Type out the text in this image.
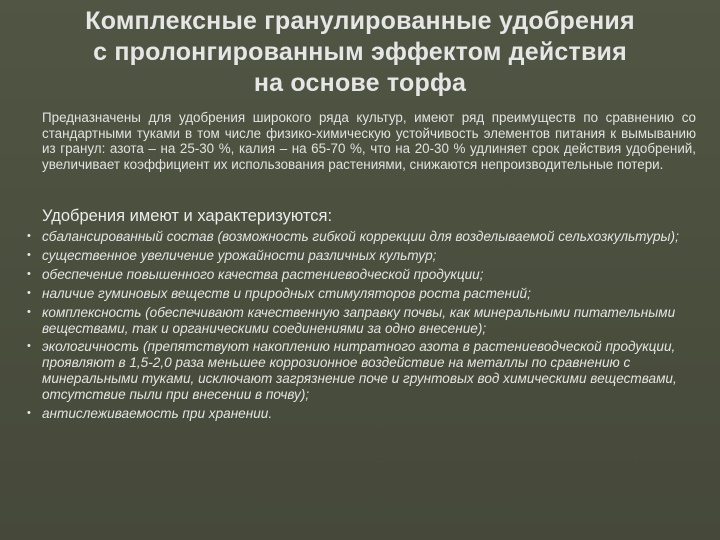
Комплексные гранулированные удобрения
с пролонгированным эффектом действия
на основе торфа
Предназначены для удобрения широкого ряда культур, имеют ряд преимуществ по сравнению со стандартными туками в том числе физико-химическую устойчивость элементов питания к вымыванию из гранул: азота – на 25-30 %, калия – на 65-70 %, что на 20-30 % удлиняет срок действия удобрений, увеличивает коэффициент их использования растениями, снижаются непроизводительные потери.
Удобрения имеют и характеризуются:
• сбалансированный состав (возможность гибкой коррекции для возделываемой сельхозкультуры);
• существенное увеличение урожайности различных культур;
• обеспечение повышенного качества растениеводческой продукции;
• наличие гуминовых веществ и природных стимуляторов роста растений;
• комплексность (обеспечивают качественную заправку почвы, как минеральными питательными веществами, так и органическими соединениями за одно внесение);
• экологичность (препятствуют накоплению нитратного азота в растениеводческой продукции, проявляют в 1,5-2,0 раза меньшее коррозионное воздействие на металлы по сравнению с минеральными туками, исключают загрязнение поче и грунтовых вод химическими веществами, отсутствие пыли при внесении в почву);
• антислеживаемость при хранении.
